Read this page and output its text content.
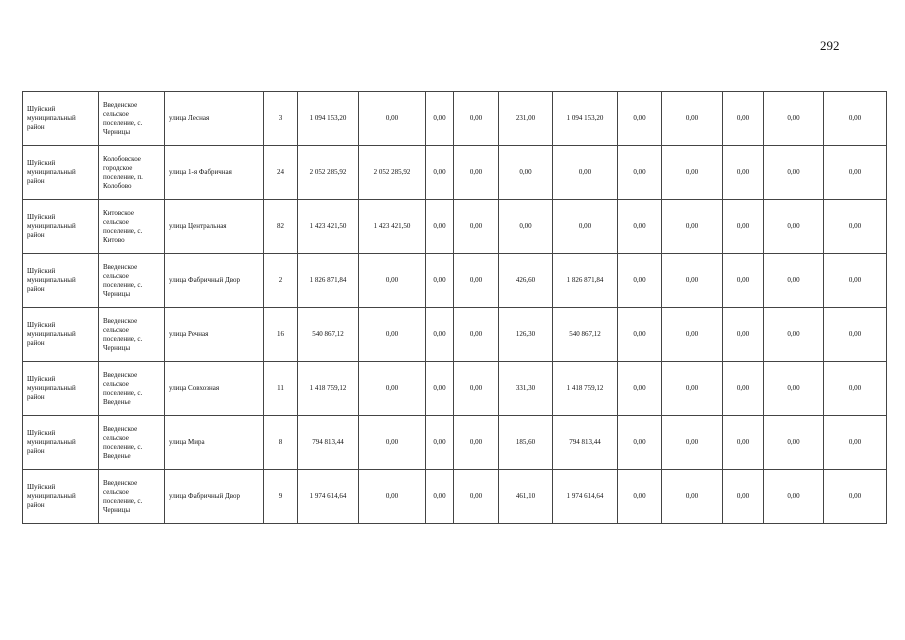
292
Шуйский муниципальный район	Введенское сельское поселение, с. Черницы	улица Лесная	3	1 094 153,20	0,00	0,00	0,00	231,00	1 094 153,20	0,00	0,00	0,00	0,00	0,00
Шуйский муниципальный район	Колобовское городское поселение, п. Колобово	улица 1-я Фабричная	24	2 052 285,92	2 052 285,92	0,00	0,00	0,00	0,00	0,00	0,00	0,00	0,00	0,00
Шуйский муниципальный район	Китовское сельское поселение, с. Китово	улица Центральная	82	1 423 421,50	1 423 421,50	0,00	0,00	0,00	0,00	0,00	0,00	0,00	0,00	0,00
Шуйский муниципальный район	Введенское сельское поселение, с. Черницы	улица Фабричный Двор	2	1 826 871,84	0,00	0,00	0,00	426,60	1 826 871,84	0,00	0,00	0,00	0,00	0,00
Шуйский муниципальный район	Введенское сельское поселение, с. Черницы	улица Речная	16	540 867,12	0,00	0,00	0,00	126,30	540 867,12	0,00	0,00	0,00	0,00	0,00
Шуйский муниципальный район	Введенское сельское поселение, с. Введенье	улица Совхозная	11	1 418 759,12	0,00	0,00	0,00	331,30	1 418 759,12	0,00	0,00	0,00	0,00	0,00
Шуйский муниципальный район	Введенское сельское поселение, с. Введенье	улица Мира	8	794 813,44	0,00	0,00	0,00	185,60	794 813,44	0,00	0,00	0,00	0,00	0,00
Шуйский муниципальный район	Введенское сельское поселение, с. Черницы	улица Фабричный Двор	9	1 974 614,64	0,00	0,00	0,00	461,10	1 974 614,64	0,00	0,00	0,00	0,00	0,00
